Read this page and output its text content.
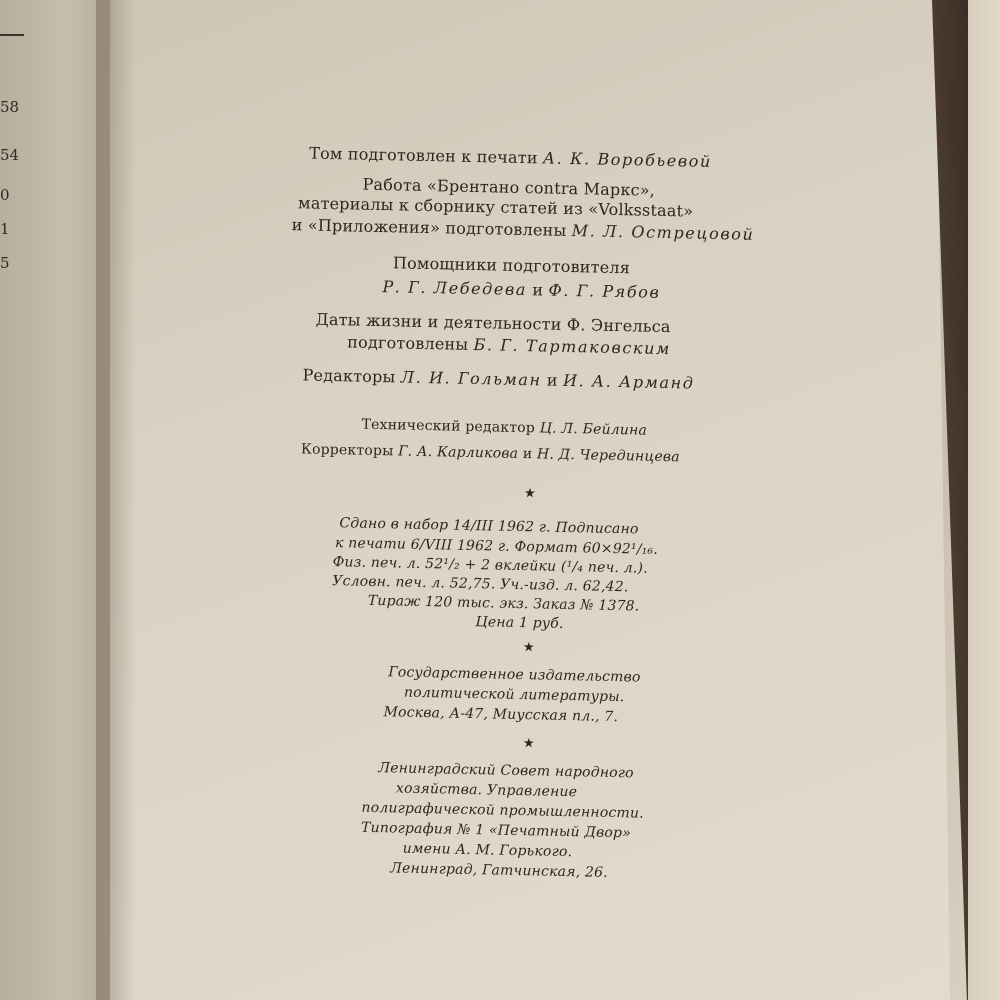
58

54

0

1

5

Том подготовлен к печати А. К. Воробьевой

Работа «Брентано contra Маркс»,

материалы к сборнику статей из «Volksstaat»

и «Приложения» подготовлены М. Л. Острецовой

Помощники подготовителя

Р. Г. Лебедева и Ф. Г. Рябов

Даты жизни и деятельности Ф. Энгельса

подготовлены Б. Г. Тартаковским

Редакторы Л. И. Гольман и И. А. Арманд

Технический редактор Ц. Л. Бейлина

Корректоры Г. А. Карликова и Н. Д. Черединцева

★

Сдано в набор 14/III 1962 г. Подписано

к печати 6/VIII 1962 г. Формат 60×92¹/₁₆.

Физ. печ. л. 52¹/₂ + 2 вклейки (¹/₄ печ. л.).

Условн. печ. л. 52,75. Уч.-изд. л. 62,42.

Тираж 120 тыс. экз. Заказ № 1378.

Цена 1 руб.

★

Государственное издательство

политической литературы.

Москва, А-47, Миусская пл., 7.

★

Ленинградский Совет народного

хозяйства. Управление

полиграфической промышленности.

Типография № 1 «Печатный Двор»

имени А. М. Горького.

Ленинград, Гатчинская, 26.
